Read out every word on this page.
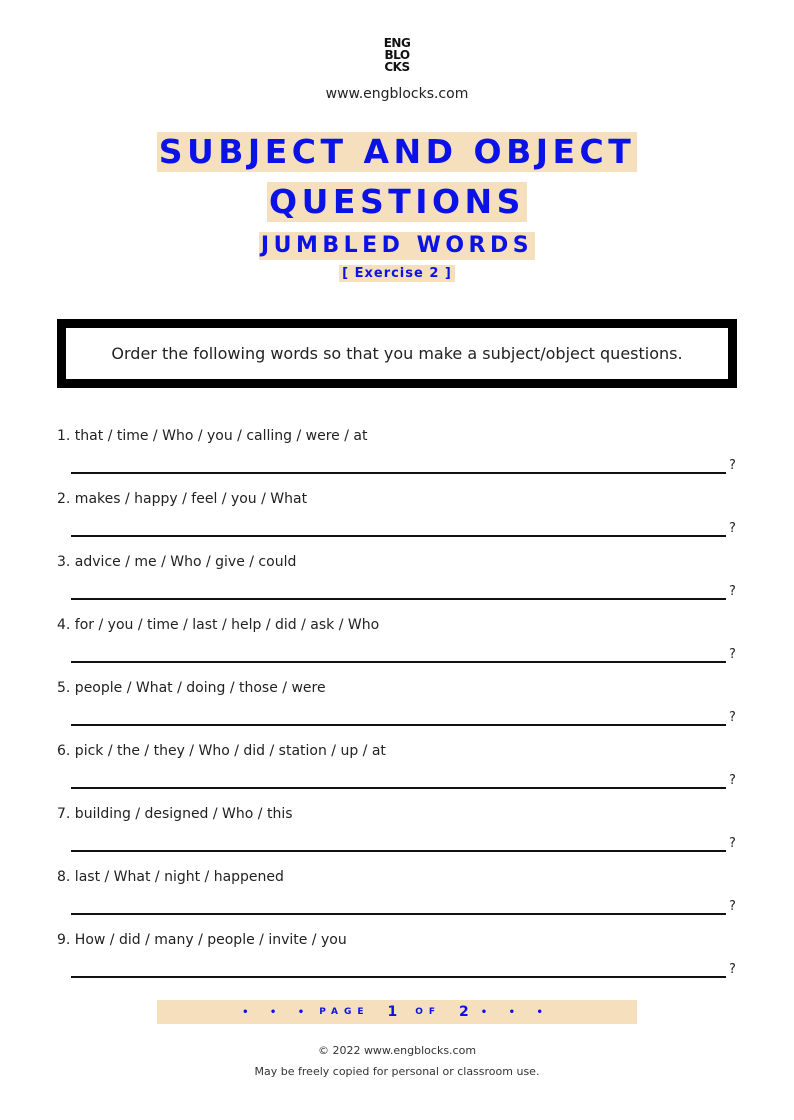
ENG
BLO
CKS
www.engblocks.com
SUBJECT AND OBJECT
QUESTIONS
JUMBLED WORDS
[ Exercise 2 ]
Order the following words so that you make a subject/object questions.
1. that / time / Who / you / calling / were / at
?
2. makes / happy / feel / you / What
?
3. advice / me / Who / give / could
?
4. for / you / time / last / help / did / ask / Who
?
5. people / What / doing / those / were
?
6. pick / the / they / Who / did / station / up / at
?
7. building / designed / Who / this
?
8. last / What / night / happened
?
9. How / did / many / people / invite / you
?
• • • PAGE 1 OF 2 • • •
© 2022 www.engblocks.com
May be freely copied for personal or classroom use.
